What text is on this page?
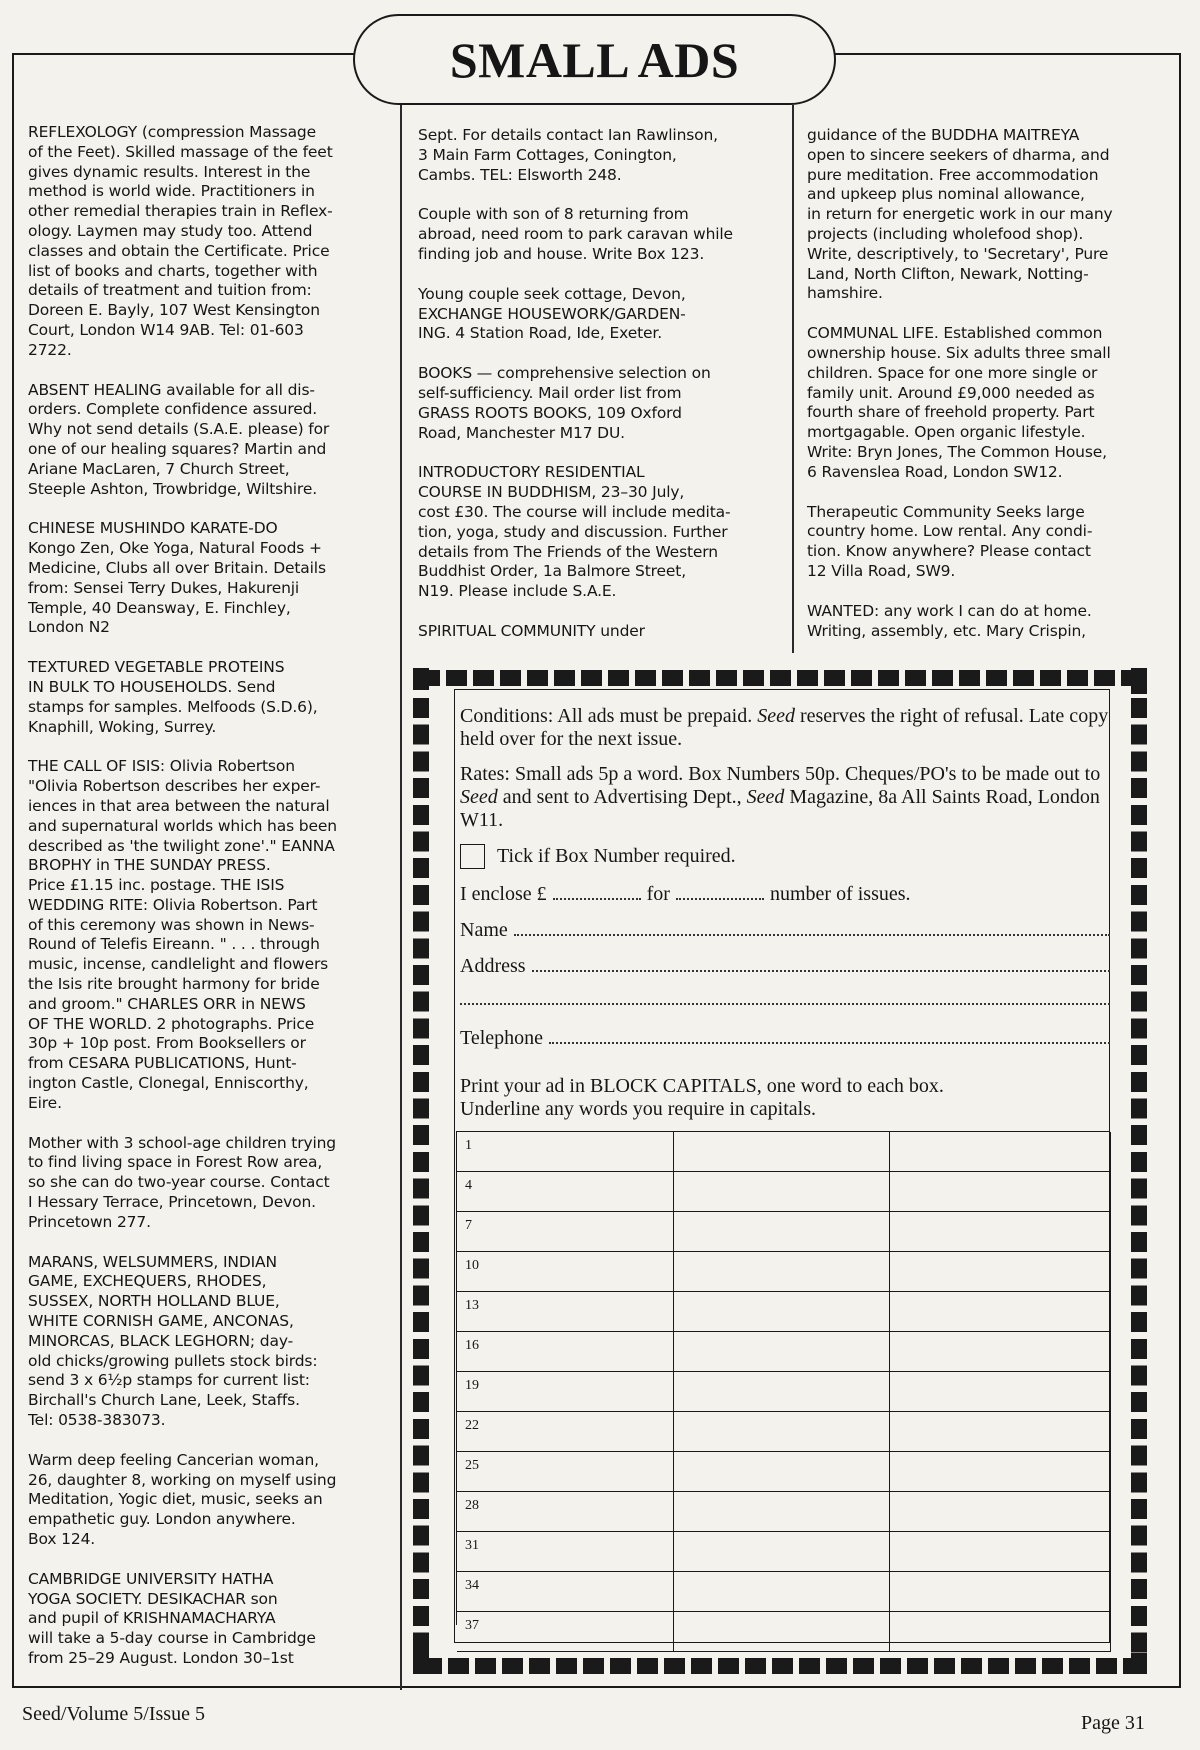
SMALL ADS

REFLEXOLOGY (compression Massage
of the Feet). Skilled massage of the feet
gives dynamic results. Interest in the
method is world wide. Practitioners in
other remedial therapies train in Reflex-
ology. Laymen may study too. Attend
classes and obtain the Certificate. Price
list of books and charts, together with
details of treatment and tuition from:
Doreen E. Bayly, 107 West Kensington
Court, London W14 9AB. Tel: 01-603
2722.

ABSENT HEALING available for all dis-
orders. Complete confidence assured.
Why not send details (S.A.E. please) for
one of our healing squares? Martin and
Ariane MacLaren, 7 Church Street,
Steeple Ashton, Trowbridge, Wiltshire.

CHINESE MUSHINDO KARATE-DO
Kongo Zen, Oke Yoga, Natural Foods +
Medicine, Clubs all over Britain. Details
from: Sensei Terry Dukes, Hakurenji
Temple, 40 Deansway, E. Finchley,
London N2

TEXTURED VEGETABLE PROTEINS
IN BULK TO HOUSEHOLDS. Send
stamps for samples. Melfoods (S.D.6),
Knaphill, Woking, Surrey.

THE CALL OF ISIS: Olivia Robertson
"Olivia Robertson describes her exper-
iences in that area between the natural
and supernatural worlds which has been
described as 'the twilight zone'." EANNA
BROPHY in THE SUNDAY PRESS.
Price £1.15 inc. postage. THE ISIS
WEDDING RITE: Olivia Robertson. Part
of this ceremony was shown in News-
Round of Telefis Eireann. " . . . through
music, incense, candlelight and flowers
the Isis rite brought harmony for bride
and groom." CHARLES ORR in NEWS
OF THE WORLD. 2 photographs. Price
30p + 10p post. From Booksellers or
from CESARA PUBLICATIONS, Hunt-
ington Castle, Clonegal, Enniscorthy,
Eire.

Mother with 3 school-age children trying
to find living space in Forest Row area,
so she can do two-year course. Contact
I Hessary Terrace, Princetown, Devon.
Princetown 277.

MARANS, WELSUMMERS, INDIAN
GAME, EXCHEQUERS, RHODES,
SUSSEX, NORTH HOLLAND BLUE,
WHITE CORNISH GAME, ANCONAS,
MINORCAS, BLACK LEGHORN; day-
old chicks/growing pullets stock birds:
send 3 x 6½p stamps for current list:
Birchall's Church Lane, Leek, Staffs.
Tel: 0538-383073.

Warm deep feeling Cancerian woman,
26, daughter 8, working on myself using
Meditation, Yogic diet, music, seeks an
empathetic guy. London anywhere.
Box 124.

CAMBRIDGE UNIVERSITY HATHA
YOGA SOCIETY. DESIKACHAR son
and pupil of KRISHNAMACHARYA
will take a 5-day course in Cambridge
from 25–29 August. London 30–1st

Sept. For details contact Ian Rawlinson,
3 Main Farm Cottages, Conington,
Cambs. TEL: Elsworth 248.

Couple with son of 8 returning from
abroad, need room to park caravan while
finding job and house. Write Box 123.

Young couple seek cottage, Devon,
EXCHANGE HOUSEWORK/GARDEN-
ING. 4 Station Road, Ide, Exeter.

BOOKS — comprehensive selection on
self-sufficiency. Mail order list from
GRASS ROOTS BOOKS, 109 Oxford
Road, Manchester M17 DU.

INTRODUCTORY RESIDENTIAL
COURSE IN BUDDHISM, 23–30 July,
cost £30. The course will include medita-
tion, yoga, study and discussion. Further
details from The Friends of the Western
Buddhist Order, 1a Balmore Street,
N19. Please include S.A.E.

SPIRITUAL COMMUNITY under

guidance of the BUDDHA MAITREYA
open to sincere seekers of dharma, and
pure meditation. Free accommodation
and upkeep plus nominal allowance,
in return for energetic work in our many
projects (including wholefood shop).
Write, descriptively, to 'Secretary', Pure
Land, North Clifton, Newark, Notting-
hamshire.

COMMUNAL LIFE. Established common
ownership house. Six adults three small
children. Space for one more single or
family unit. Around £9,000 needed as
fourth share of freehold property. Part
mortgagable. Open organic lifestyle.
Write: Bryn Jones, The Common House,
6 Ravenslea Road, London SW12.

Therapeutic Community Seeks large
country home. Low rental. Any condi-
tion. Know anywhere? Please contact
12 Villa Road, SW9.

WANTED: any work I can do at home.
Writing, assembly, etc. Mary Crispin,

Conditions: All ads must be prepaid. Seed reserves the right of refusal. Late copy held over for the next issue.
Rates: Small ads 5p a word. Box Numbers 50p. Cheques/PO's to be made out to Seed and sent to Advertising Dept., Seed Magazine, 8a All Saints Road, London W11.
Tick if Box Number required.
I enclose £	for	number of issues.
Name
Address
Telephone
Print your ad in BLOCK CAPITALS, one word to each box.
Underline any words you require in capitals.
1
4
7
10
13
16
19
22
25
28
31
34
37
Seed/Volume 5/Issue 5	Page 31
